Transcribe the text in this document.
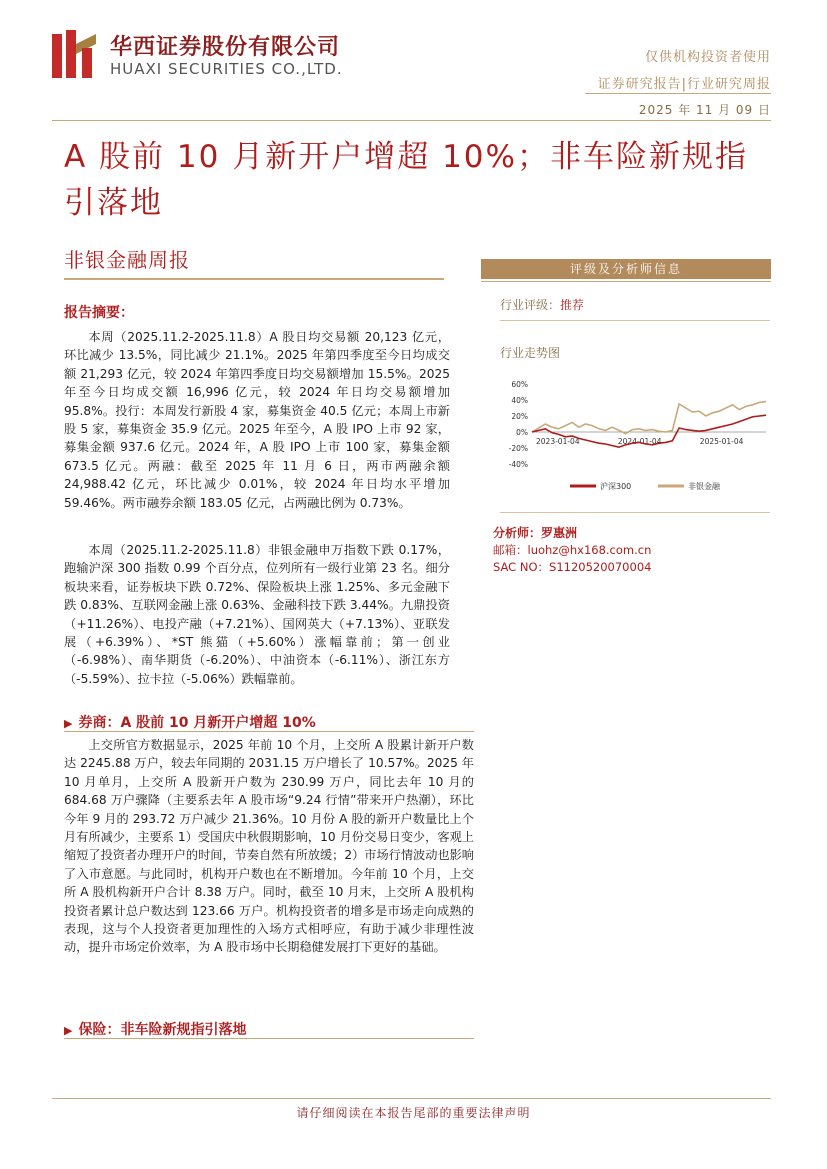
华西证券股份有限公司
HUAXI SECURITIES CO.,LTD.
仅供机构投资者使用
证券研究报告|行业研究周报
2025 年 11 月 09 日
A 股前 10 月新开户增超 10%；非车险新规指引落地
非银金融周报
报告摘要：

本周（2025.11.2-2025.11.8）A 股日均交易额 20,123 亿元，环比减少 13.5%，同比减少 21.1%。2025 年第四季度至今日均成交额 21,293 亿元，较 2024 年第四季度日均交易额增加 15.5%。2025 年至今日均成交额 16,996 亿元，较 2024 年日均交易额增加 95.8%。投行：本周发行新股 4 家，募集资金 40.5 亿元；本周上市新股 5 家，募集资金 35.9 亿元。2025 年至今，A 股 IPO 上市 92 家，募集金额 937.6 亿元。2024 年，A 股 IPO 上市 100 家，募集金额 673.5 亿元。两融：截至 2025 年 11 月 6 日，两市两融余额 24,988.42 亿元，环比减少 0.01%，较 2024 年日均水平增加 59.46%。两市融券余额 183.05 亿元，占两融比例为 0.73%。

本周（2025.11.2-2025.11.8）非银金融申万指数下跌 0.17%，跑输沪深 300 指数 0.99 个百分点，位列所有一级行业第 23 名。细分板块来看，证券板块下跌 0.72%、保险板块上涨 1.25%、多元金融下跌 0.83%、互联网金融上涨 0.63%、金融科技下跌 3.44%。九鼎投资（+11.26%）、电投产融（+7.21%）、国网英大（+7.13%）、亚联发展（+6.39%）、*ST 熊猫（+5.60%）涨幅靠前；第一创业（-6.98%）、南华期货（-6.20%）、中油资本（-6.11%）、浙江东方（-5.59%）、拉卡拉（-5.06%）跌幅靠前。

▶ 券商：A 股前 10 月新开户增超 10%

上交所官方数据显示，2025 年前 10 个月，上交所 A 股累计新开户数达 2245.88 万户，较去年同期的 2031.15 万户增长了 10.57%。2025 年 10 月单月，上交所 A 股新开户数为 230.99 万户，同比去年 10 月的 684.68 万户骤降（主要系去年 A 股市场“9.24 行情”带来开户热潮），环比今年 9 月的 293.72 万户减少 21.36%。10 月份 A 股的新开户数量比上个月有所减少，主要系 1）受国庆中秋假期影响，10 月份交易日变少，客观上缩短了投资者办理开户的时间，节奏自然有所放缓；2）市场行情波动也影响了入市意愿。与此同时，机构开户数也在不断增加。今年前 10 个月，上交所 A 股机构新开户合计 8.38 万户。同时，截至 10 月末，上交所 A 股机构投资者累计总户数达到 123.66 万户。机构投资者的增多是市场走向成熟的表现，这与个人投资者更加理性的入场方式相呼应，有助于减少非理性波动，提升市场定价效率，为 A 股市场中长期稳健发展打下更好的基础。

▶ 保险：非车险新规指引落地
评级及分析师信息
行业评级：推荐
行业走势图
60%
40%
20%
0%
-20%
-40%
2023-01-04	2024-01-04	2025-01-04
沪深300	非银金融
分析师：罗惠洲
邮箱：luohz@hx168.com.cn
SAC NO：S1120520070004
请仔细阅读在本报告尾部的重要法律声明
